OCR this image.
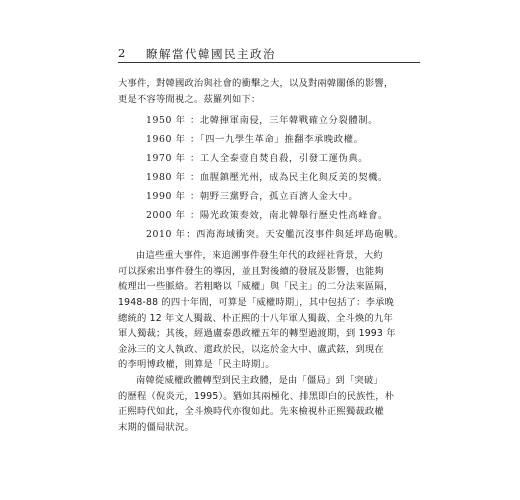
2 瞭解當代韓國民主政治

大事件，對韓國政治與社會的衝擊之大，以及對兩韓關係的影響，

更是不容等閒視之。茲羅列如下：

1950 年 ：北韓揮軍南侵，三年韓戰確立分裂體制。
1960 年 ：「四一九學生革命」推翻李承晚政權。
1970 年 ：工人全泰壹自焚自殺，引發工運伪典。
1980 年 ：血腥鎮壓光州，成為民主化與反美的契機。
1990 年 ：朝野三黨野合，孤立百濟人金大中。
2000 年 ：陽光政策奏效，南北韓舉行歷史性高峰會。
2010 年 ：西海海域衝突。天安艦沉沒事件與延坪島砲戰。

由這些重大事件，來追溯事件發生年代的政經社背景，大約

可以探索出事件發生的導因，並且對後續的發展及影響，也能夠

梳理出一些脈絡。若粗略以「威權」與「民主」的二分法來區隔，

1948-88 的四十年間，可算是「威權時期」，其中包括了：李承晚

總統的 12 年文人獨裁、朴正熙的十八年軍人獨裁、全斗煥的九年

軍人獨裁；其後，經過盧泰愚政權五年的轉型過渡期，到 1993 年

金泳三的文人執政、還政於民，以迄於金大中、盧武鉉，到現在

的李明博政權，則算是「民主時期」。

南韓從威權政體轉型到民主政體，是由「僵局」到「突破」

的歷程（倪炎元，1995）。猶如其兩極化、排黑即白的民族性，朴

正熙時代如此，全斗煥時代亦復如此。先來檢視朴正熙獨裁政權

末期的僵局狀況。
